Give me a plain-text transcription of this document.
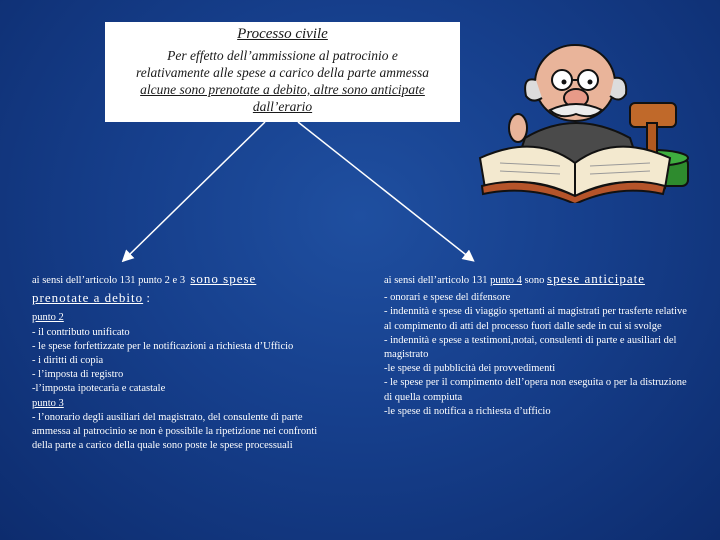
Processo civile
Per effetto dell’ammissione al patrocinio e
relativamente alle spese a carico della parte ammessa
alcune sono prenotate a debito, altre sono anticipate
dall’erario
ai sensi dell’articolo 131 punto 2 e 3 sono spese
prenotate a debito :
punto 2
- il contributo unificato
- le spese forfettizzate per le notificazioni a richiesta d’Ufficio
- i diritti di copia
- l’imposta di registro
-l’imposta ipotecaria e catastale
punto 3
- l’onorario degli ausiliari del magistrato, del consulente di parte ammessa al patrocinio se non è possibile la ripetizione nei confronti della parte a carico della quale sono poste le spese processuali
ai sensi dell’articolo 131 punto 4 sono spese anticipate
- onorari e spese del difensore
- indennità e spese di viaggio spettanti ai magistrati per trasferte relative al compimento di atti del processo fuori dalle sede in cui si svolge
- indennità e spese a testimoni,notai, consulenti di parte e ausiliari del magistrato
-le spese di pubblicità dei provvedimenti
- le spese per il compimento dell’opera non eseguita o per la distruzione di quella compiuta
-le spese di notifica a richiesta d’ufficio
